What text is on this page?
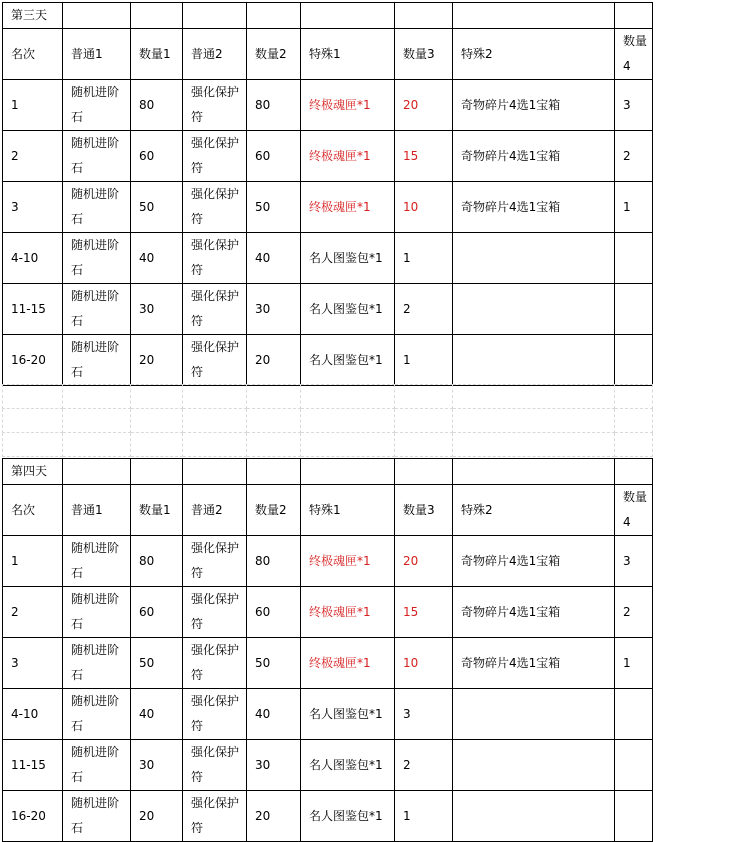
第三天								
名次	普通1	数量1	普通2	数量2	特殊1	数量3	特殊2	数量4
1	随机进阶石	80	强化保护符	80	终极魂匣*1	20	奇物碎片4选1宝箱	3
2	随机进阶石	60	强化保护符	60	终极魂匣*1	15	奇物碎片4选1宝箱	2
3	随机进阶石	50	强化保护符	50	终极魂匣*1	10	奇物碎片4选1宝箱	1
4-10	随机进阶石	40	强化保护符	40	名人图鉴包*1	1		
11-15	随机进阶石	30	强化保护符	30	名人图鉴包*1	2		
16-20	随机进阶石	20	强化保护符	20	名人图鉴包*1	1		

第四天								
名次	普通1	数量1	普通2	数量2	特殊1	数量3	特殊2	数量4
1	随机进阶石	80	强化保护符	80	终极魂匣*1	20	奇物碎片4选1宝箱	3
2	随机进阶石	60	强化保护符	60	终极魂匣*1	15	奇物碎片4选1宝箱	2
3	随机进阶石	50	强化保护符	50	终极魂匣*1	10	奇物碎片4选1宝箱	1
4-10	随机进阶石	40	强化保护符	40	名人图鉴包*1	3		
11-15	随机进阶石	30	强化保护符	30	名人图鉴包*1	2		
16-20	随机进阶石	20	强化保护符	20	名人图鉴包*1	1		
